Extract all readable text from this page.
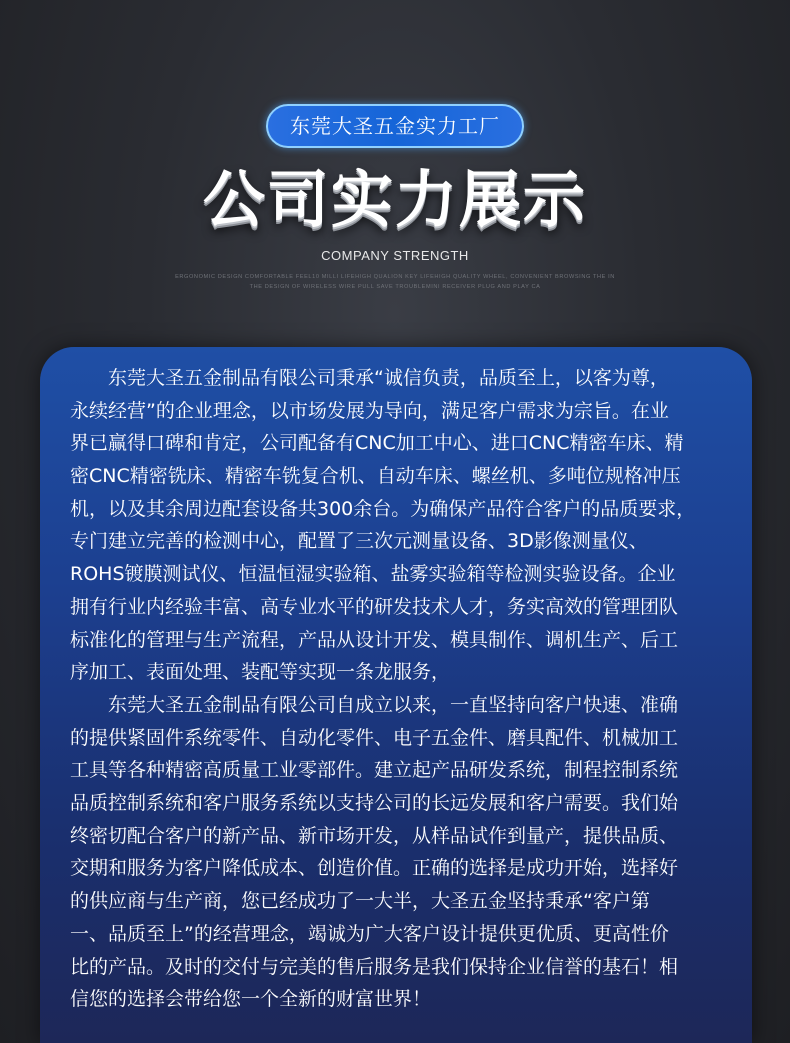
东莞大圣五金实力工厂
公司实力展示
COMPANY STRENGTH
ERGONOMIC DESIGN COMFORTABLE FEEL10 MILLI LIFEHIGH QUALION KEY LIFEHIGH QUALITY WHEEL, CONVENIENT BROWSING THE IN
THE DESIGN OF WIRELESS WIRE PULL SAVE TROUBLEMINI RECEIVER PLUG AND PLAY CA
　　东莞大圣五金制品有限公司秉承“诚信负责，品质至上，以客为尊，
永续经营”的企业理念，以市场发展为导向，满足客户需求为宗旨。在业
界已赢得口碑和肯定，公司配备有CNC加工中心、进口CNC精密车床、精
密CNC精密铣床、精密车铣复合机、自动车床、螺丝机、多吨位规格冲压
机，以及其余周边配套设备共300余台。为确保产品符合客户的品质要求，
专门建立完善的检测中心，配置了三次元测量设备、3D影像测量仪、
ROHS镀膜测试仪、恒温恒湿实验箱、盐雾实验箱等检测实验设备。企业
拥有行业内经验丰富、高专业水平的研发技术人才，务实高效的管理团队
标准化的管理与生产流程，产品从设计开发、模具制作、调机生产、后工
序加工、表面处理、装配等实现一条龙服务，
　　东莞大圣五金制品有限公司自成立以来，一直坚持向客户快速、准确
的提供紧固件系统零件、自动化零件、电子五金件、磨具配件、机械加工
工具等各种精密高质量工业零部件。建立起产品研发系统，制程控制系统
品质控制系统和客户服务系统以支持公司的长远发展和客户需要。我们始
终密切配合客户的新产品、新市场开发，从样品试作到量产，提供品质、
交期和服务为客户降低成本、创造价值。正确的选择是成功开始，选择好
的供应商与生产商，您已经成功了一大半，大圣五金坚持秉承“客户第
一、品质至上”的经营理念，竭诚为广大客户设计提供更优质、更高性价
比的产品。及时的交付与完美的售后服务是我们保持企业信誉的基石！相
信您的选择会带给您一个全新的财富世界！
